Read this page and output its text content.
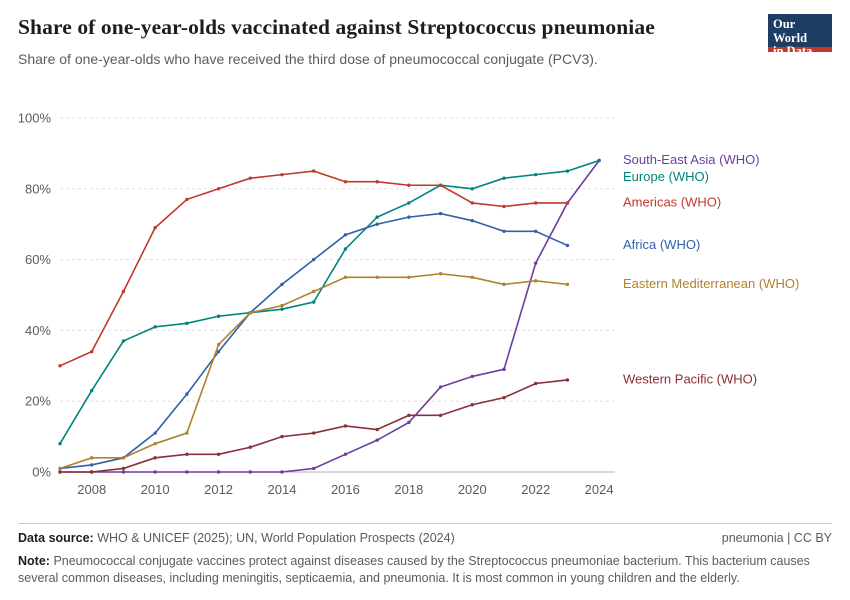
Share of one-year-olds vaccinated against Streptococcus pneumoniae

Share of one-year-olds who have received the third dose of pneumococcal conjugate (PCV3).

Our World
in Data
0%
20%
40%
60%
80%
100%
2008	2010	2012	2014	2016	2018	2020	2022	2024
South-East Asia (WHO)
Europe (WHO)
Americas (WHO)
Africa (WHO)
Eastern Mediterranean (WHO)
Western Pacific (WHO)
Data source: WHO & UNICEF (2025); UN, World Population Prospects (2024)	pneumonia | CC BY
Note: Pneumococcal conjugate vaccines protect against diseases caused by the Streptococcus pneumoniae bacterium. This bacterium causes several common diseases, including meningitis, septicaemia, and pneumonia. It is most common in young children and the elderly.
